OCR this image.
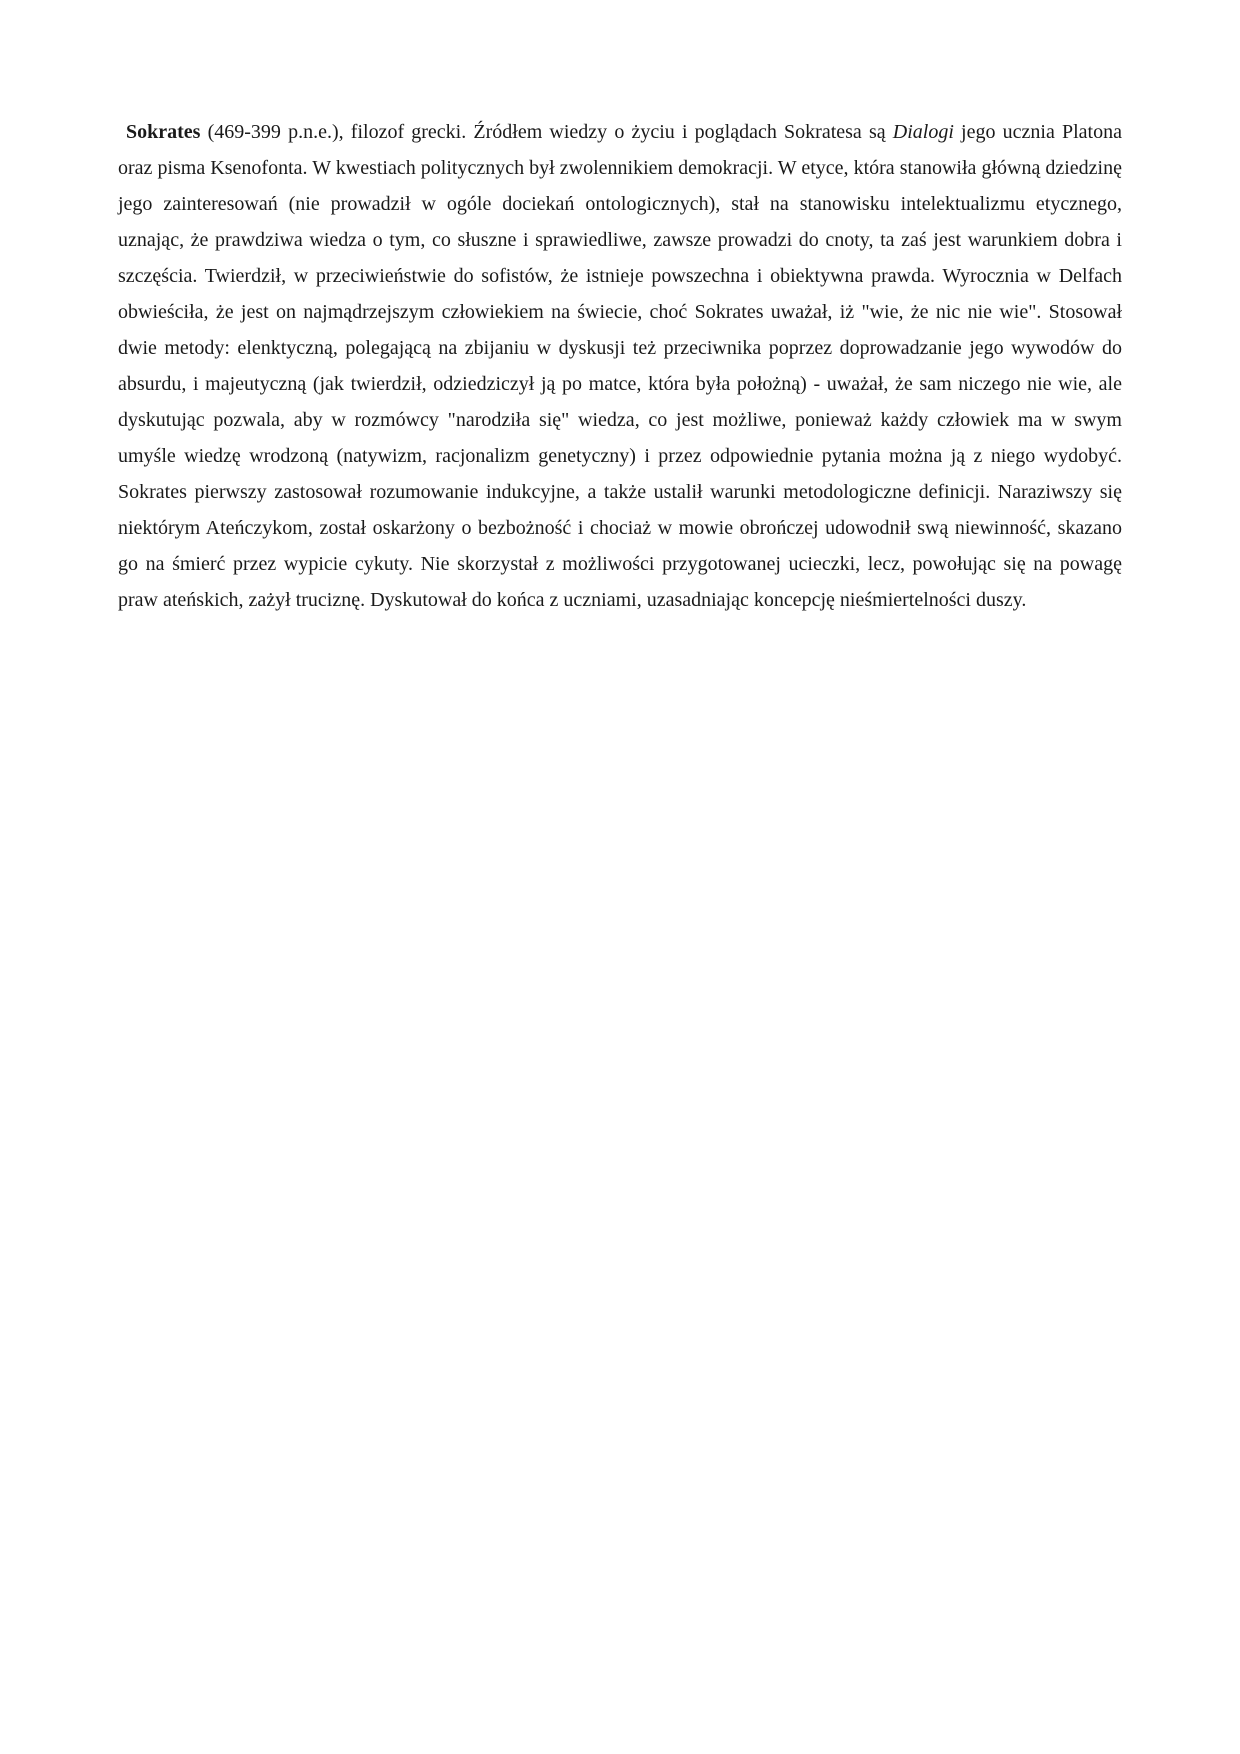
Sokrates (469-399 p.n.e.), filozof grecki. Źródłem wiedzy o życiu i poglądach Sokratesa są Dialogi jego ucznia Platona oraz pisma Ksenofonta. W kwestiach politycznych był zwolennikiem demokracji. W etyce, która stanowiła główną dziedzinę jego zainteresowań (nie prowadził w ogóle dociekań ontologicznych), stał na stanowisku intelektualizmu etycznego, uznając, że prawdziwa wiedza o tym, co słuszne i sprawiedliwe, zawsze prowadzi do cnoty, ta zaś jest warunkiem dobra i szczęścia. Twierdził, w przeciwieństwie do sofistów, że istnieje powszechna i obiektywna prawda. Wyrocznia w Delfach obwieściła, że jest on najmądrzejszym człowiekiem na świecie, choć Sokrates uważał, iż "wie, że nic nie wie". Stosował dwie metody: elenktyczną, polegającą na zbijaniu w dyskusji też przeciwnika poprzez doprowadzanie jego wywodów do absurdu, i majeutyczną (jak twierdził, odziedziczył ją po matce, która była położną) - uważał, że sam niczego nie wie, ale dyskutując pozwala, aby w rozmówcy "narodziła się" wiedza, co jest możliwe, ponieważ każdy człowiek ma w swym umyśle wiedzę wrodzoną (natywizm, racjonalizm genetyczny) i przez odpowiednie pytania można ją z niego wydobyć. Sokrates pierwszy zastosował rozumowanie indukcyjne, a także ustalił warunki metodologiczne definicji. Naraziwszy się niektórym Ateńczykom, został oskarżony o bezbożność i chociaż w mowie obrończej udowodnił swą niewinność, skazano go na śmierć przez wypicie cykuty. Nie skorzystał z możliwości przygotowanej ucieczki, lecz, powołując się na powagę praw ateńskich, zażył truciznę. Dyskutował do końca z uczniami, uzasadniając koncepcję nieśmiertelności duszy.
